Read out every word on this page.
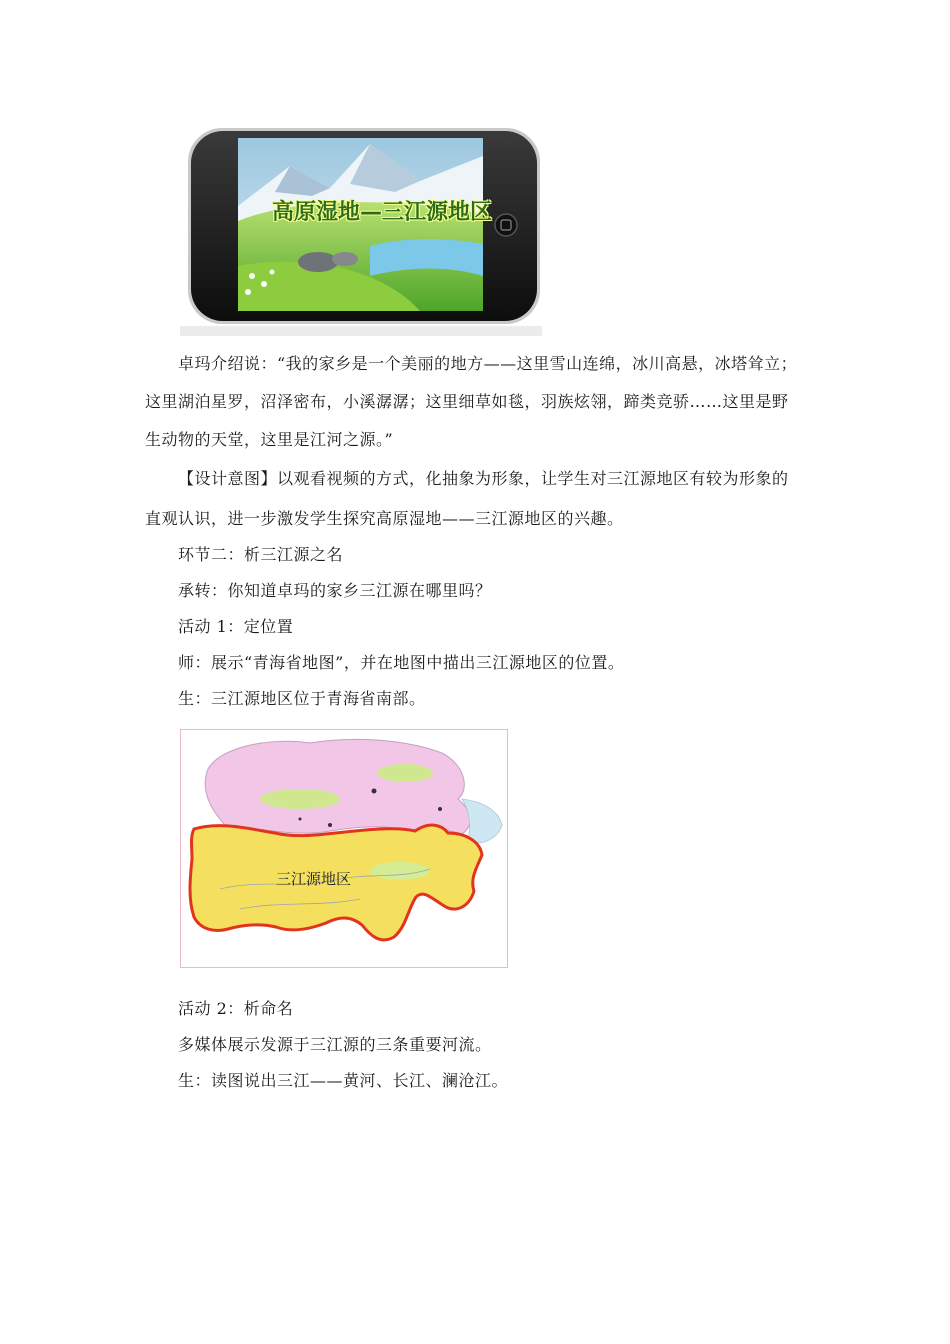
高原湿地—三江源地区

卓玛介绍说：“我的家乡是一个美丽的地方——这里雪山连绵，冰川高悬，冰塔耸立；

这里湖泊星罗，沼泽密布，小溪潺潺；这里细草如毯，羽族炫翎，蹄类竞骄……这里是野

生动物的天堂，这里是江河之源。”

【设计意图】以观看视频的方式，化抽象为形象，让学生对三江源地区有较为形象的

直观认识，进一步激发学生探究高原湿地——三江源地区的兴趣。

环节二：析三江源之名

承转：你知道卓玛的家乡三江源在哪里吗？

活动 1：定位置

师：展示“青海省地图”，并在地图中描出三江源地区的位置。

生：三江源地区位于青海省南部。

三江源地区

活动 2：析命名

多媒体展示发源于三江源的三条重要河流。

生：读图说出三江——黄河、长江、澜沧江。
